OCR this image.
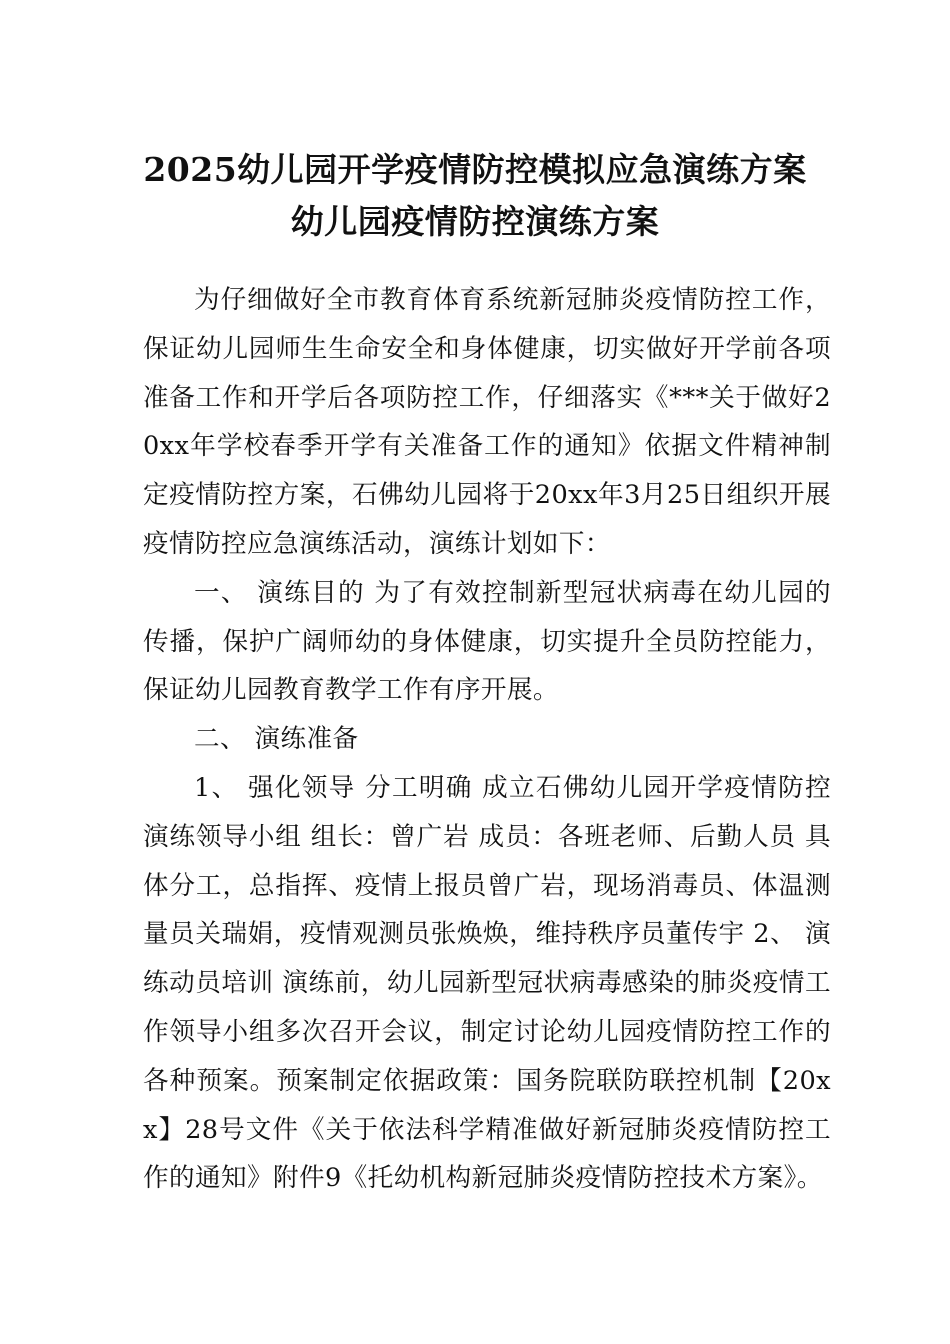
2025幼儿园开学疫情防控模拟应急演练方案
幼儿园疫情防控演练方案

为仔细做好全市教育体育系统新冠肺炎疫情防控工作，保证幼儿园师生生命安全和身体健康，切实做好开学前各项准备工作和开学后各项防控工作，仔细落实《***关于做好20xx年学校春季开学有关准备工作的通知》依据文件精神制定疫情防控方案，石佛幼儿园将于20xx年3月25日组织开展疫情防控应急演练活动，演练计划如下：

一、 演练目的 为了有效控制新型冠状病毒在幼儿园的传播，保护广阔师幼的身体健康，切实提升全员防控能力，保证幼儿园教育教学工作有序开展。

二、 演练准备

1、 强化领导 分工明确 成立石佛幼儿园开学疫情防控演练领导小组 组长：曾广岩 成员：各班老师、后勤人员 具体分工，总指挥、疫情上报员曾广岩，现场消毒员、体温测量员关瑞娟，疫情观测员张焕焕，维持秩序员董传宇 2、 演练动员培训 演练前，幼儿园新型冠状病毒感染的肺炎疫情工作领导小组多次召开会议，制定讨论幼儿园疫情防控工作的各种预案。预案制定依据政策：国务院联防联控机制【20xx】28号文件《关于依法科学精准做好新冠肺炎疫情防控工作的通知》附件9《托幼机构新冠肺炎疫情防控技术方案》。
